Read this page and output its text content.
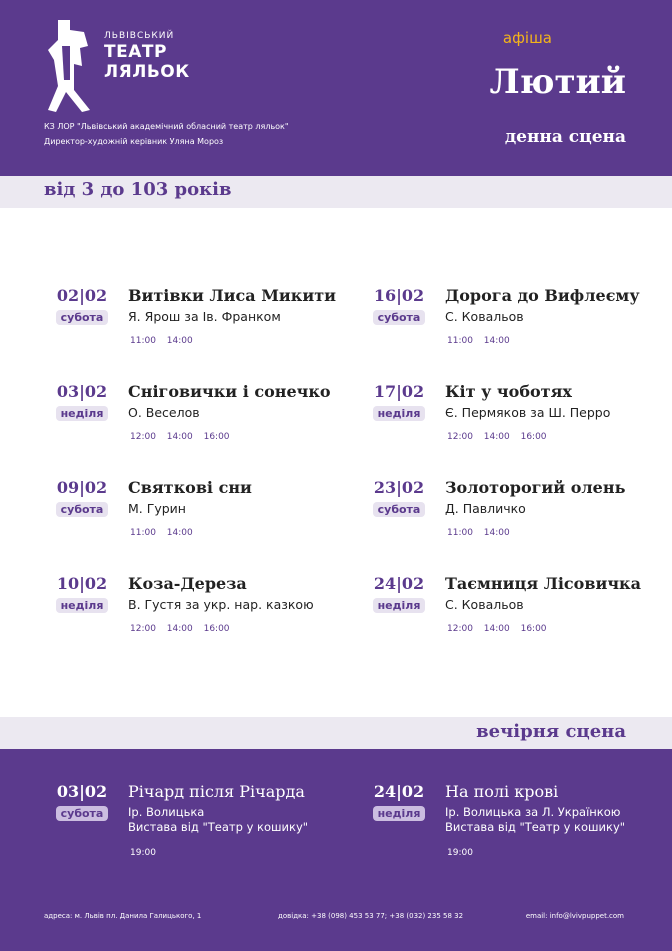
ЛЬВІВСЬКИЙ
ТЕАТР
ЛЯЛЬОК
КЗ ЛОР "Львівський академічний обласний театр ляльок"
Директор-художній керівник Уляна Мороз
афіша
Лютий
денна сцена
від 3 до 103 років
02|02
субота
Витівки Лиса Микити
Я. Ярош за Ів. Франком
11:00 14:00
03|02
неділя
Сніговички і сонечко
О. Веселов
12:00 14:00 16:00
09|02
субота
Святкові сни
М. Гурин
11:00 14:00
10|02
неділя
Коза-Дереза
В. Густя за укр. нар. казкою
12:00 14:00 16:00
16|02
субота
Дорога до Вифлеєму
С. Ковальов
11:00 14:00
17|02
неділя
Кіт у чоботях
Є. Пермяков за Ш. Перро
12:00 14:00 16:00
23|02
субота
Золоторогий олень
Д. Павличко
11:00 14:00
24|02
неділя
Таємниця Лісовичка
С. Ковальов
12:00 14:00 16:00
вечірня сцена
03|02
субота
Річард після Річарда
Ір. Волицька
Вистава від "Театр у кошику"
19:00
24|02
неділя
На полі крові
Ір. Волицька за Л. Українкою
Вистава від "Театр у кошику"
19:00
адреса: м. Львів пл. Данила Галицького, 1	довідка: +38 (098) 453 53 77; +38 (032) 235 58 32	email: info@lvivpuppet.com
